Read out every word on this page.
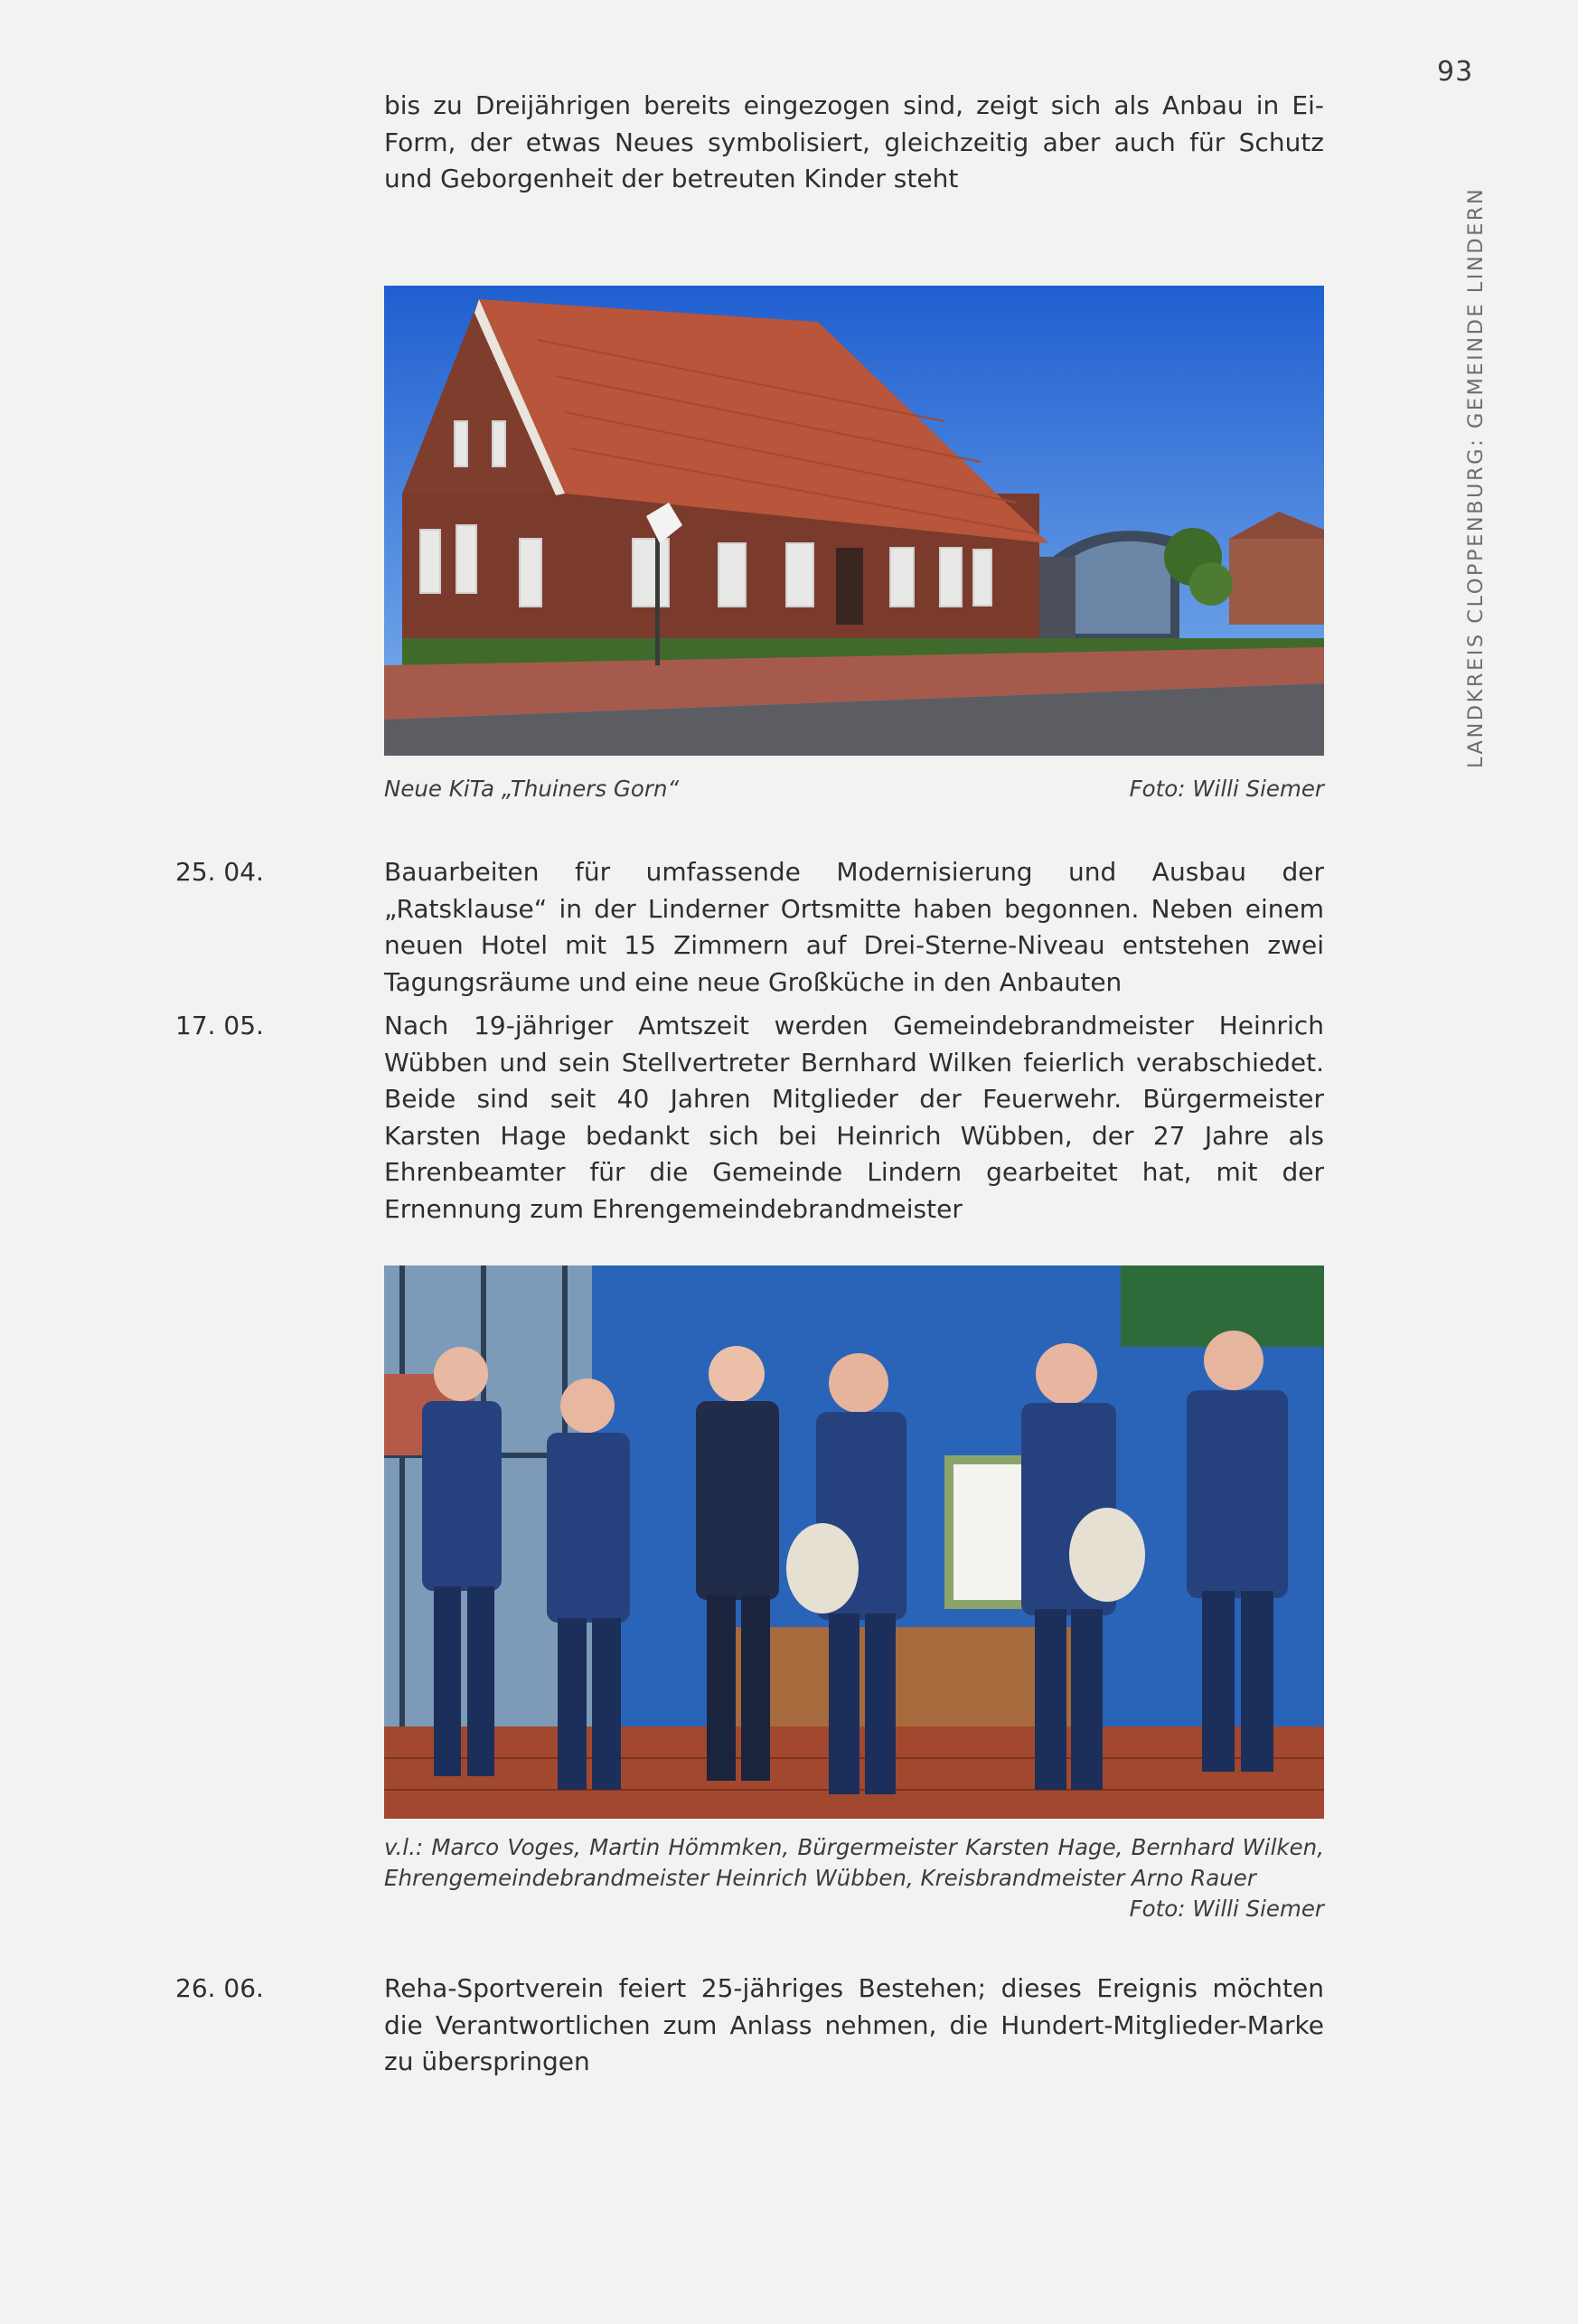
93
LANDKREIS CLOPPENBURG: GEMEINDE LINDERN

bis zu Dreijährigen bereits eingezogen sind, zeigt sich als Anbau in Ei-Form, der etwas Neues symbolisiert, gleichzeitig aber auch für Schutz und Geborgenheit der betreuten Kinder steht

Neue KiTa „Thuiners Gorn“	Foto: Willi Siemer
25. 04.	Bauarbeiten für umfassende Modernisierung und Ausbau der „Ratsklause“ in der Linderner Ortsmitte haben begonnen. Neben einem neuen Hotel mit 15 Zimmern auf Drei-Sterne-Niveau entstehen zwei Tagungsräume und eine neue Großküche in den Anbauten

17. 05.	Nach 19-jähriger Amtszeit werden Gemeindebrandmeister Heinrich Wübben und sein Stellvertreter Bernhard Wilken feierlich verabschiedet. Beide sind seit 40 Jahren Mitglieder der Feuerwehr. Bürgermeister Karsten Hage bedankt sich bei Heinrich Wübben, der 27 Jahre als Ehrenbeamter für die Gemeinde Lindern gearbeitet hat, mit der Ernennung zum Ehrengemeindebrandmeister

v.l.: Marco Voges, Martin Hömmken, Bürgermeister Karsten Hage, Bernhard Wilken, Ehrengemeindebrandmeister Heinrich Wübben, Kreisbrandmeister Arno Rauer
Foto: Willi Siemer
26. 06.	Reha-Sportverein feiert 25-jähriges Bestehen; dieses Ereignis möchten die Verantwortlichen zum Anlass nehmen, die Hundert-Mitglieder-Marke zu überspringen
